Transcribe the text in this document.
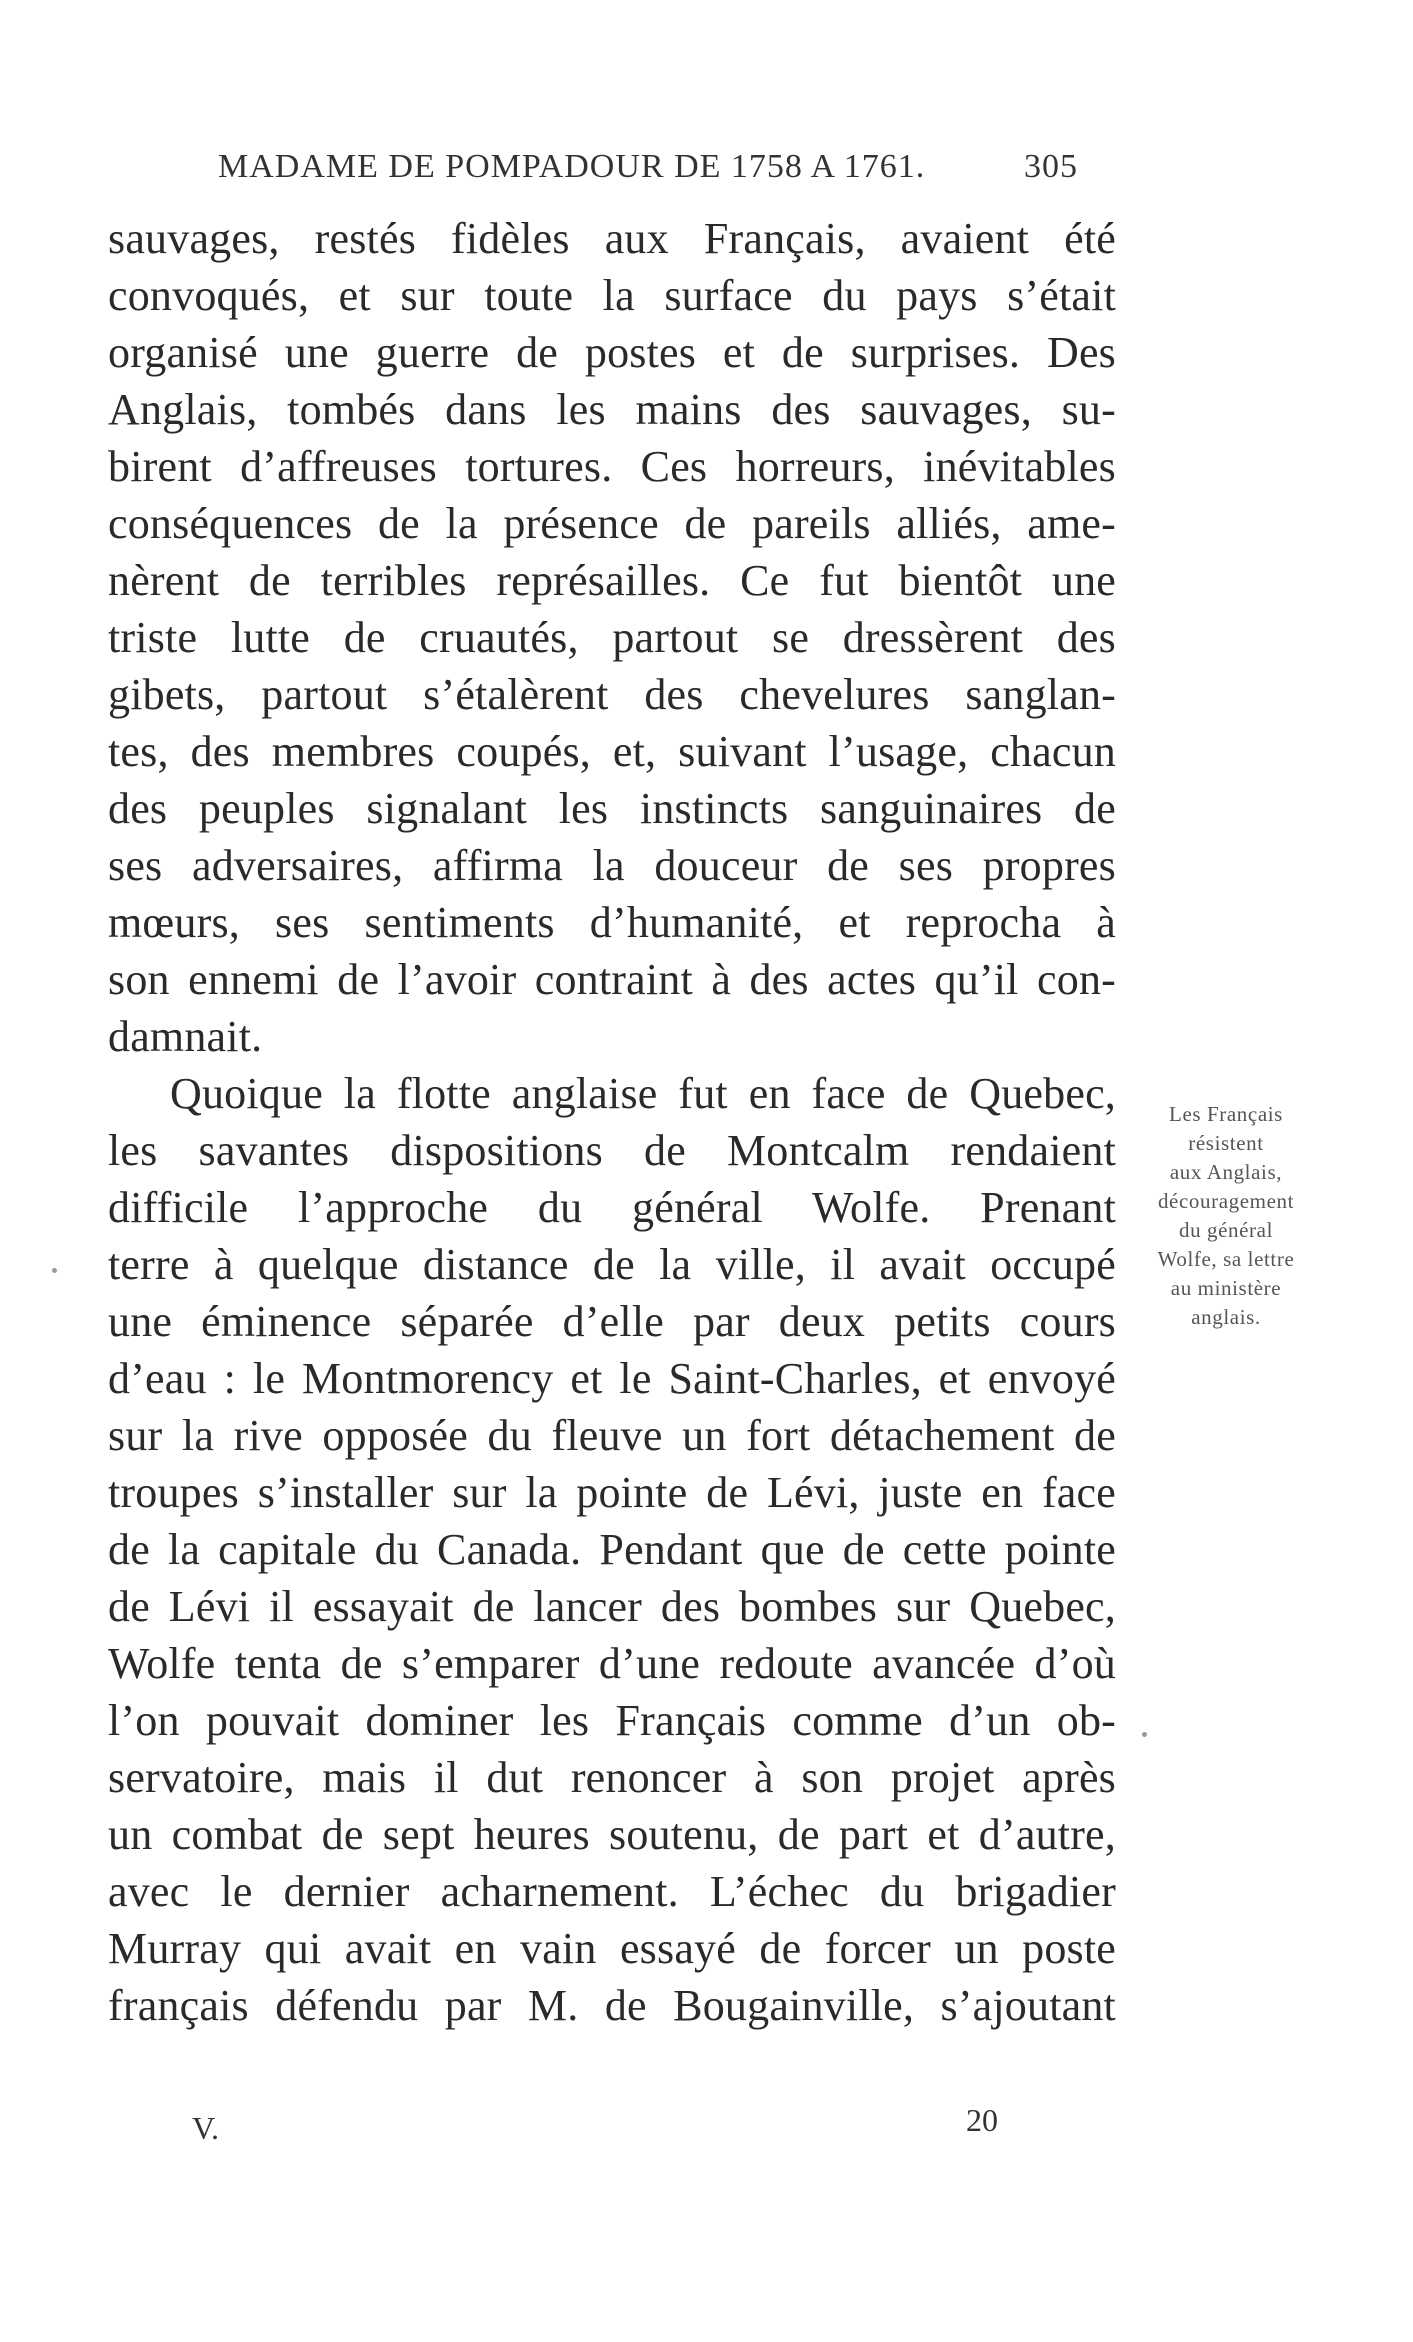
MADAME DE POMPADOUR DE 1758 A 1761.	305
sauvages, restés fidèles aux Français, avaient été
convoqués, et sur toute la surface du pays s’était
organisé une guerre de postes et de surprises. Des
Anglais, tombés dans les mains des sauvages, su-
birent d’affreuses tortures. Ces horreurs, inévitables
conséquences de la présence de pareils alliés, ame-
nèrent de terribles représailles. Ce fut bientôt une
triste lutte de cruautés, partout se dressèrent des
gibets, partout s’étalèrent des chevelures sanglan-
tes, des membres coupés, et, suivant l’usage, chacun
des peuples signalant les instincts sanguinaires de
ses adversaires, affirma la douceur de ses propres
mœurs, ses sentiments d’humanité, et reprocha à
son ennemi de l’avoir contraint à des actes qu’il con-
damnait.
Quoique la flotte anglaise fut en face de Quebec,
les savantes dispositions de Montcalm rendaient
difficile l’approche du général Wolfe. Prenant
terre à quelque distance de la ville, il avait occupé
une éminence séparée d’elle par deux petits cours
d’eau : le Montmorency et le Saint-Charles, et envoyé
sur la rive opposée du fleuve un fort détachement de
troupes s’installer sur la pointe de Lévi, juste en face
de la capitale du Canada. Pendant que de cette pointe
de Lévi il essayait de lancer des bombes sur Quebec,
Wolfe tenta de s’emparer d’une redoute avancée d’où
l’on pouvait dominer les Français comme d’un ob-
servatoire, mais il dut renoncer à son projet après
un combat de sept heures soutenu, de part et d’autre,
avec le dernier acharnement. L’échec du brigadier
Murray qui avait en vain essayé de forcer un poste
français défendu par M. de Bougainville, s’ajoutant
Les Français
résistent
aux Anglais,
découragement
du général
Wolfe, sa lettre
au ministère
anglais.
V.	20
